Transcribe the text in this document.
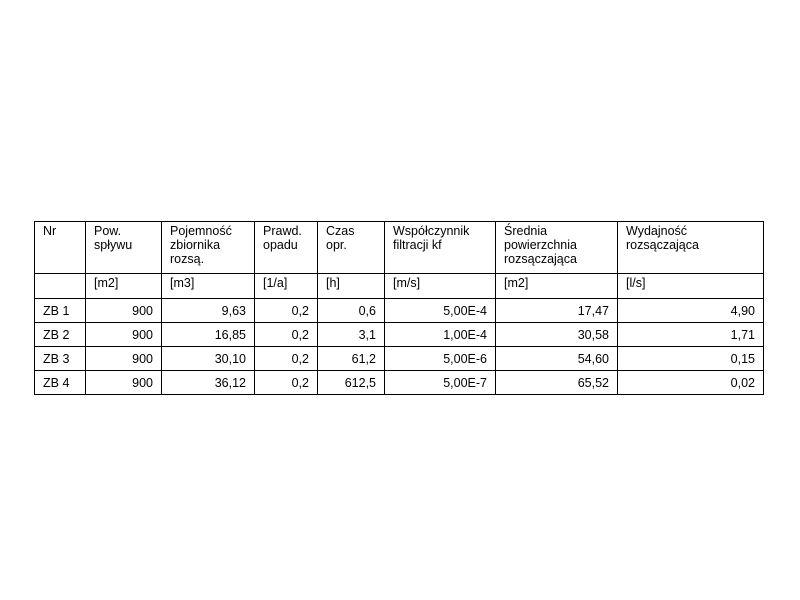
Nr	Pow. spływu	Pojemność zbiornika rozsą.	Prawd. opadu	Czas opr.	Współczynnik filtracji kf	Średnia powierzchnia rozsączająca	Wydajność rozsączająca

	[m2]	[m3]	[1/a]	[h]	[m/s]	[m2]	[l/s]
ZB 1	900	9,63	0,2	0,6	5,00E-4	17,47	4,90
ZB 2	900	16,85	0,2	3,1	1,00E-4	30,58	1,71
ZB 3	900	30,10	0,2	61,2	5,00E-6	54,60	0,15
ZB 4	900	36,12	0,2	612,5	5,00E-7	65,52	0,02
